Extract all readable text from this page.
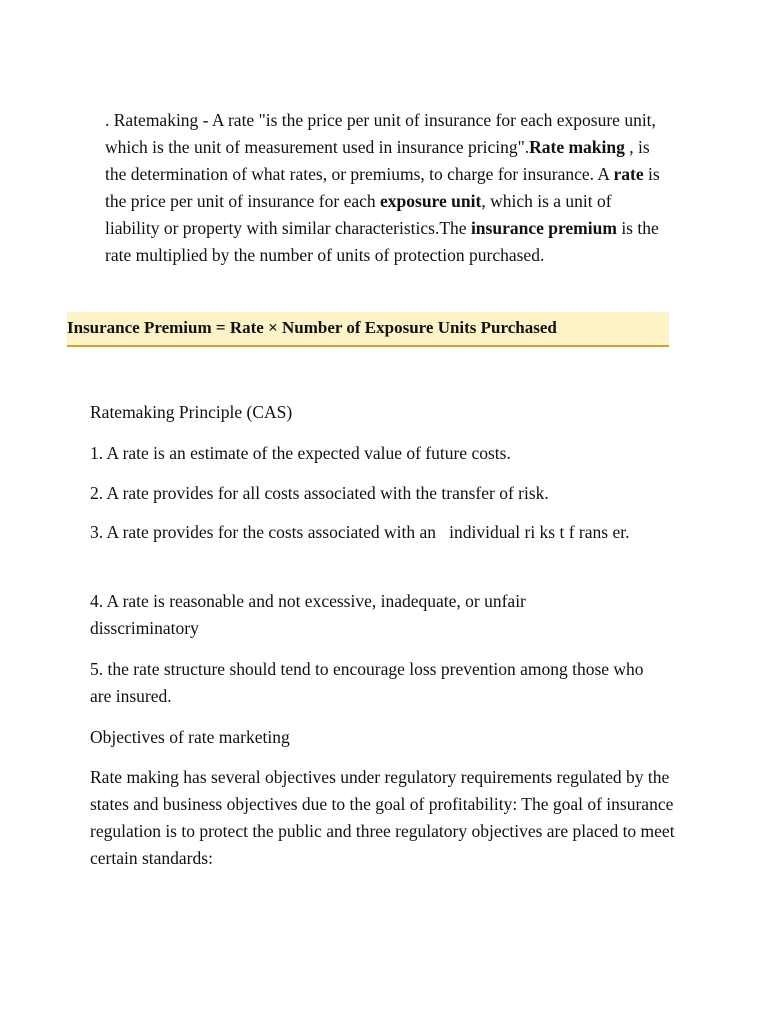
. Ratemaking - A rate "is the price per unit of insurance for each exposure unit, which is the unit of measurement used in insurance pricing".Rate making , is the determination of what rates, or premiums, to charge for insurance. A rate is the price per unit of insurance for each exposure unit, which is a unit of liability or property with similar characteristics.The insurance premium is the rate multiplied by the number of units of protection purchased.

Insurance Premium = Rate × Number of Exposure Units Purchased

Ratemaking Principle (CAS)

1. A rate is an estimate of the expected value of future costs.

2. A rate provides for all costs associated with the transfer of risk.

3. A rate provides for the costs associated with an   individual ri ks t f rans er.

4. A rate is reasonable and not excessive, inadequate, or unfair disscriminatory

5. the rate structure should tend to encourage loss prevention among those who are insured.

Objectives of rate marketing

Rate making has several objectives under regulatory requirements regulated by the states and business objectives due to the goal of profitability: The goal of insurance regulation is to protect the public and three regulatory objectives are placed to meet certain standards:
